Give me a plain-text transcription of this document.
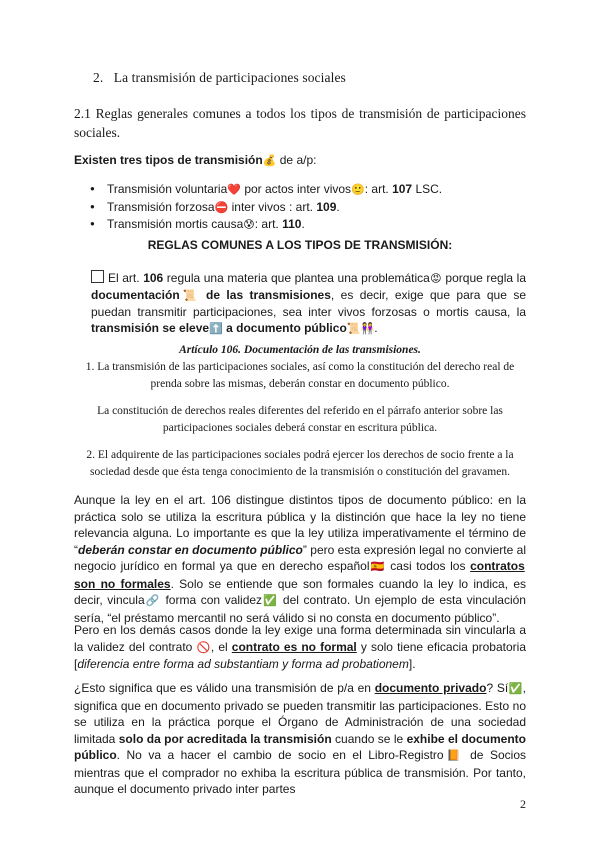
2. La transmisión de participaciones sociales
2.1 Reglas generales comunes a todos los tipos de transmisión de participaciones sociales.
Existen tres tipos de transmisión💰 de a/p:
● Transmisión voluntaria❤️ por actos inter vivos🙂: art. 107 LSC.
● Transmisión forzosa⛔ inter vivos : art. 109.
● Transmisión mortis causa😰: art. 110.
REGLAS COMUNES A LOS TIPOS DE TRANSMISIÓN:
El art. 106 regula una materia que plantea una problemática😡 porque regla la documentación📜 de las transmisiones, es decir, exige que para que se puedan transmitir participaciones, sea inter vivos forzosas o mortis causa, la transmisión se eleve⬆️ a documento público📜👭.
Artículo 106. Documentación de las transmisiones.
1. La transmisión de las participaciones sociales, así como la constitución del derecho real de prenda sobre las mismas, deberán constar en documento público.
La constitución de derechos reales diferentes del referido en el párrafo anterior sobre las participaciones sociales deberá constar en escritura pública.
2. El adquirente de las participaciones sociales podrá ejercer los derechos de socio frente a la sociedad desde que ésta tenga conocimiento de la transmisión o constitución del gravamen.
Aunque la ley en el art. 106 distingue distintos tipos de documento público: en la práctica solo se utiliza la escritura pública y la distinción que hace la ley no tiene relevancia alguna. Lo importante es que la ley utiliza imperativamente el término de “deberán constar en documento público” pero esta expresión legal no convierte al negocio jurídico en formal ya que en derecho español🇪🇸 casi todos los contratos son no formales. Solo se entiende que son formales cuando la ley lo indica, es decir, vincula🔗 forma con validez✅ del contrato. Un ejemplo de esta vinculación sería, “el préstamo mercantil no será válido si no consta en documento público”.
Pero en los demás casos donde la ley exige una forma determinada sin vincularla a la validez del contrato 🚫, el contrato es no formal y solo tiene eficacia probatoria [diferencia entre forma ad substantiam y forma ad probationem].
¿Esto significa que es válido una transmisión de p/a en documento privado? Sí✅, significa que en documento privado se pueden transmitir las participaciones. Esto no se utiliza en la práctica porque el Órgano de Administración de una sociedad limitada solo da por acreditada la transmisión cuando se le exhibe el documento público. No va a hacer el cambio de socio en el Libro-Registro📙 de Socios mientras que el comprador no exhiba la escritura pública de transmisión. Por tanto, aunque el documento privado inter partes
2
